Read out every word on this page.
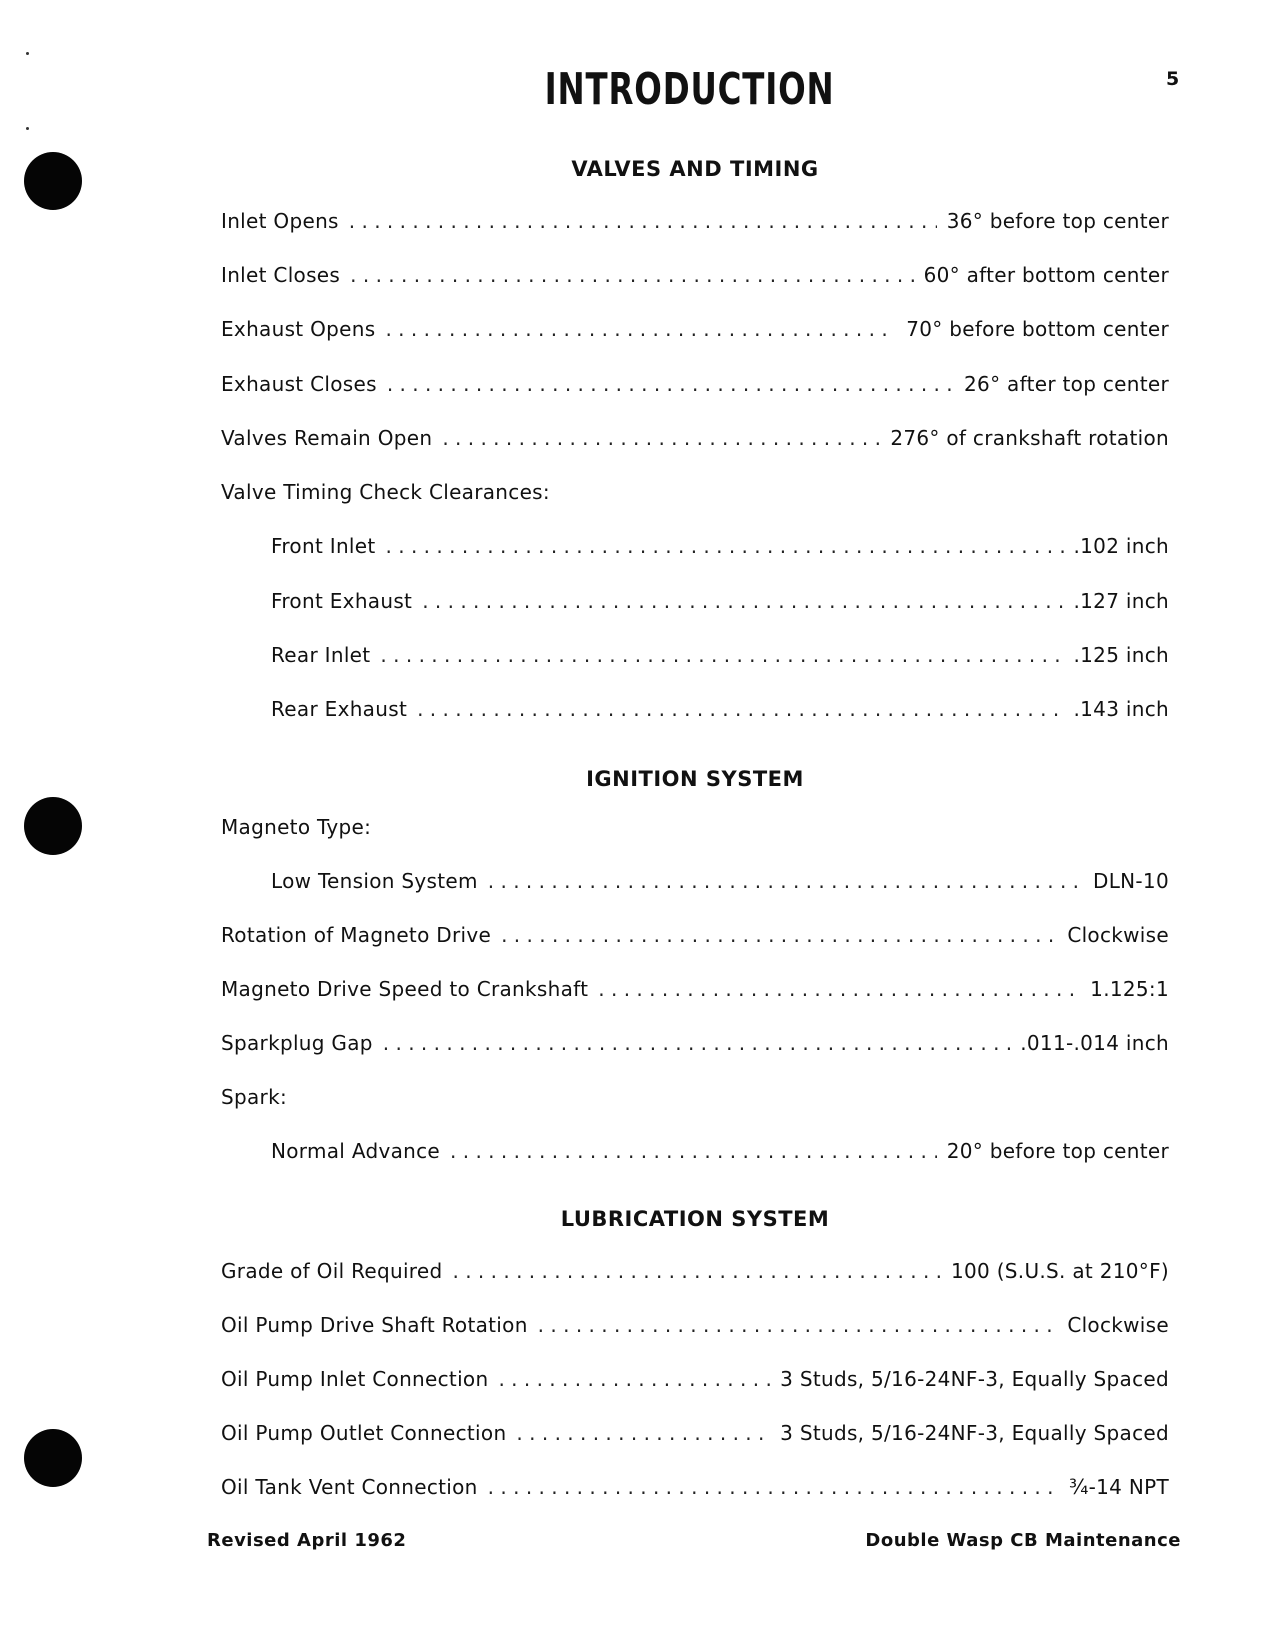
INTRODUCTION	5
VALVES AND TIMING
Inlet Opens . . .	36° before top center
Inlet Closes . . .	60° after bottom center
Exhaust Opens . . .	70° before bottom center
Exhaust Closes . . .	26° after top center
Valves Remain Open . . .	276° of crankshaft rotation
Valve Timing Check Clearances:
Front Inlet . . .	.102 inch
Front Exhaust . . .	.127 inch
Rear Inlet . . .	.125 inch
Rear Exhaust . . .	.143 inch
IGNITION SYSTEM
Magneto Type:
Low Tension System . . .	DLN-10
Rotation of Magneto Drive . . .	Clockwise
Magneto Drive Speed to Crankshaft . . .	1.125:1
Sparkplug Gap . . .	.011-.014 inch
Spark:
Normal Advance . . .	20° before top center
LUBRICATION SYSTEM
Grade of Oil Required . . .	100 (S.U.S. at 210°F)
Oil Pump Drive Shaft Rotation . . .	Clockwise
Oil Pump Inlet Connection . . .	3 Studs, 5/16-24NF-3, Equally Spaced
Oil Pump Outlet Connection . . .	3 Studs, 5/16-24NF-3, Equally Spaced
Oil Tank Vent Connection . . .	¾-14 NPT
Revised April 1962	Double Wasp CB Maintenance
